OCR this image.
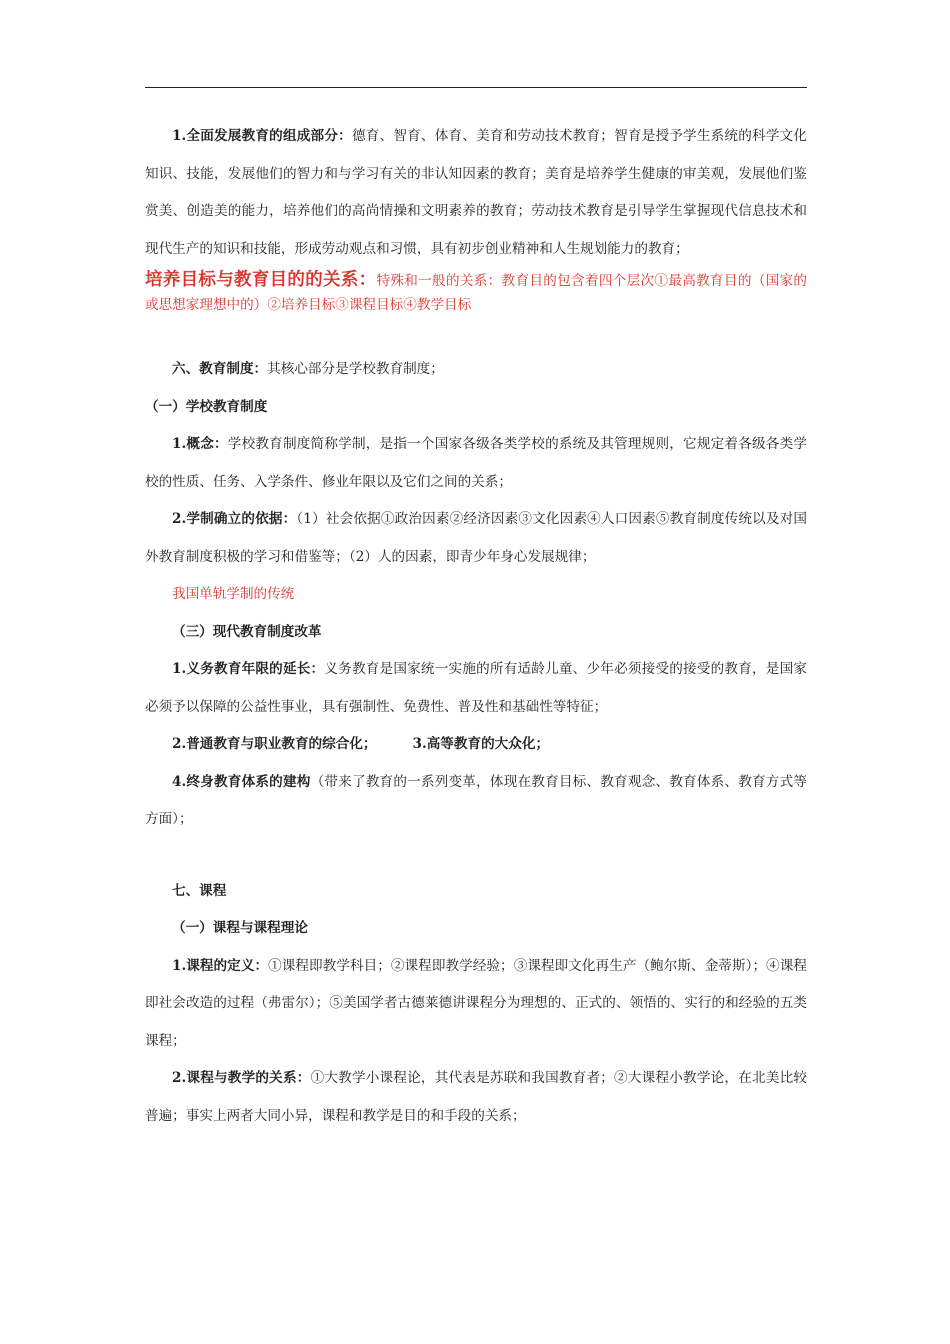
1.全面发展教育的组成部分：德育、智育、体育、美育和劳动技术教育；智育是授予学生系统的科学文化知识、技能，发展他们的智力和与学习有关的非认知因素的教育；美育是培养学生健康的审美观，发展他们鉴赏美、创造美的能力，培养他们的高尚情操和文明素养的教育；劳动技术教育是引导学生掌握现代信息技术和现代生产的知识和技能，形成劳动观点和习惯，具有初步创业精神和人生规划能力的教育；

培养目标与教育目的的关系：特殊和一般的关系：教育目的包含着四个层次①最高教育目的（国家的或思想家理想中的）②培养目标③课程目标④教学目标

六、教育制度：其核心部分是学校教育制度；

（一）学校教育制度

1.概念：学校教育制度简称学制，是指一个国家各级各类学校的系统及其管理规则，它规定着各级各类学校的性质、任务、入学条件、修业年限以及它们之间的关系；

2.学制确立的依据：（1）社会依据①政治因素②经济因素③文化因素④人口因素⑤教育制度传统以及对国外教育制度积极的学习和借鉴等；（2）人的因素，即青少年身心发展规律；

我国单轨学制的传统

（三）现代教育制度改革

1.义务教育年限的延长：义务教育是国家统一实施的所有适龄儿童、少年必须接受的接受的教育，是国家必须予以保障的公益性事业，具有强制性、免费性、普及性和基础性等特征；

2.普通教育与职业教育的综合化；	3.高等教育的大众化；

4.终身教育体系的建构（带来了教育的一系列变革，体现在教育目标、教育观念、教育体系、教育方式等方面）；

七、课程

（一）课程与课程理论

1.课程的定义：①课程即教学科目；②课程即教学经验；③课程即文化再生产（鲍尔斯、金蒂斯）；④课程即社会改造的过程（弗雷尔）；⑤美国学者古德莱德讲课程分为理想的、正式的、领悟的、实行的和经验的五类课程；

2.课程与教学的关系：①大教学小课程论，其代表是苏联和我国教育者；②大课程小教学论，在北美比较普遍；事实上两者大同小异，课程和教学是目的和手段的关系；
